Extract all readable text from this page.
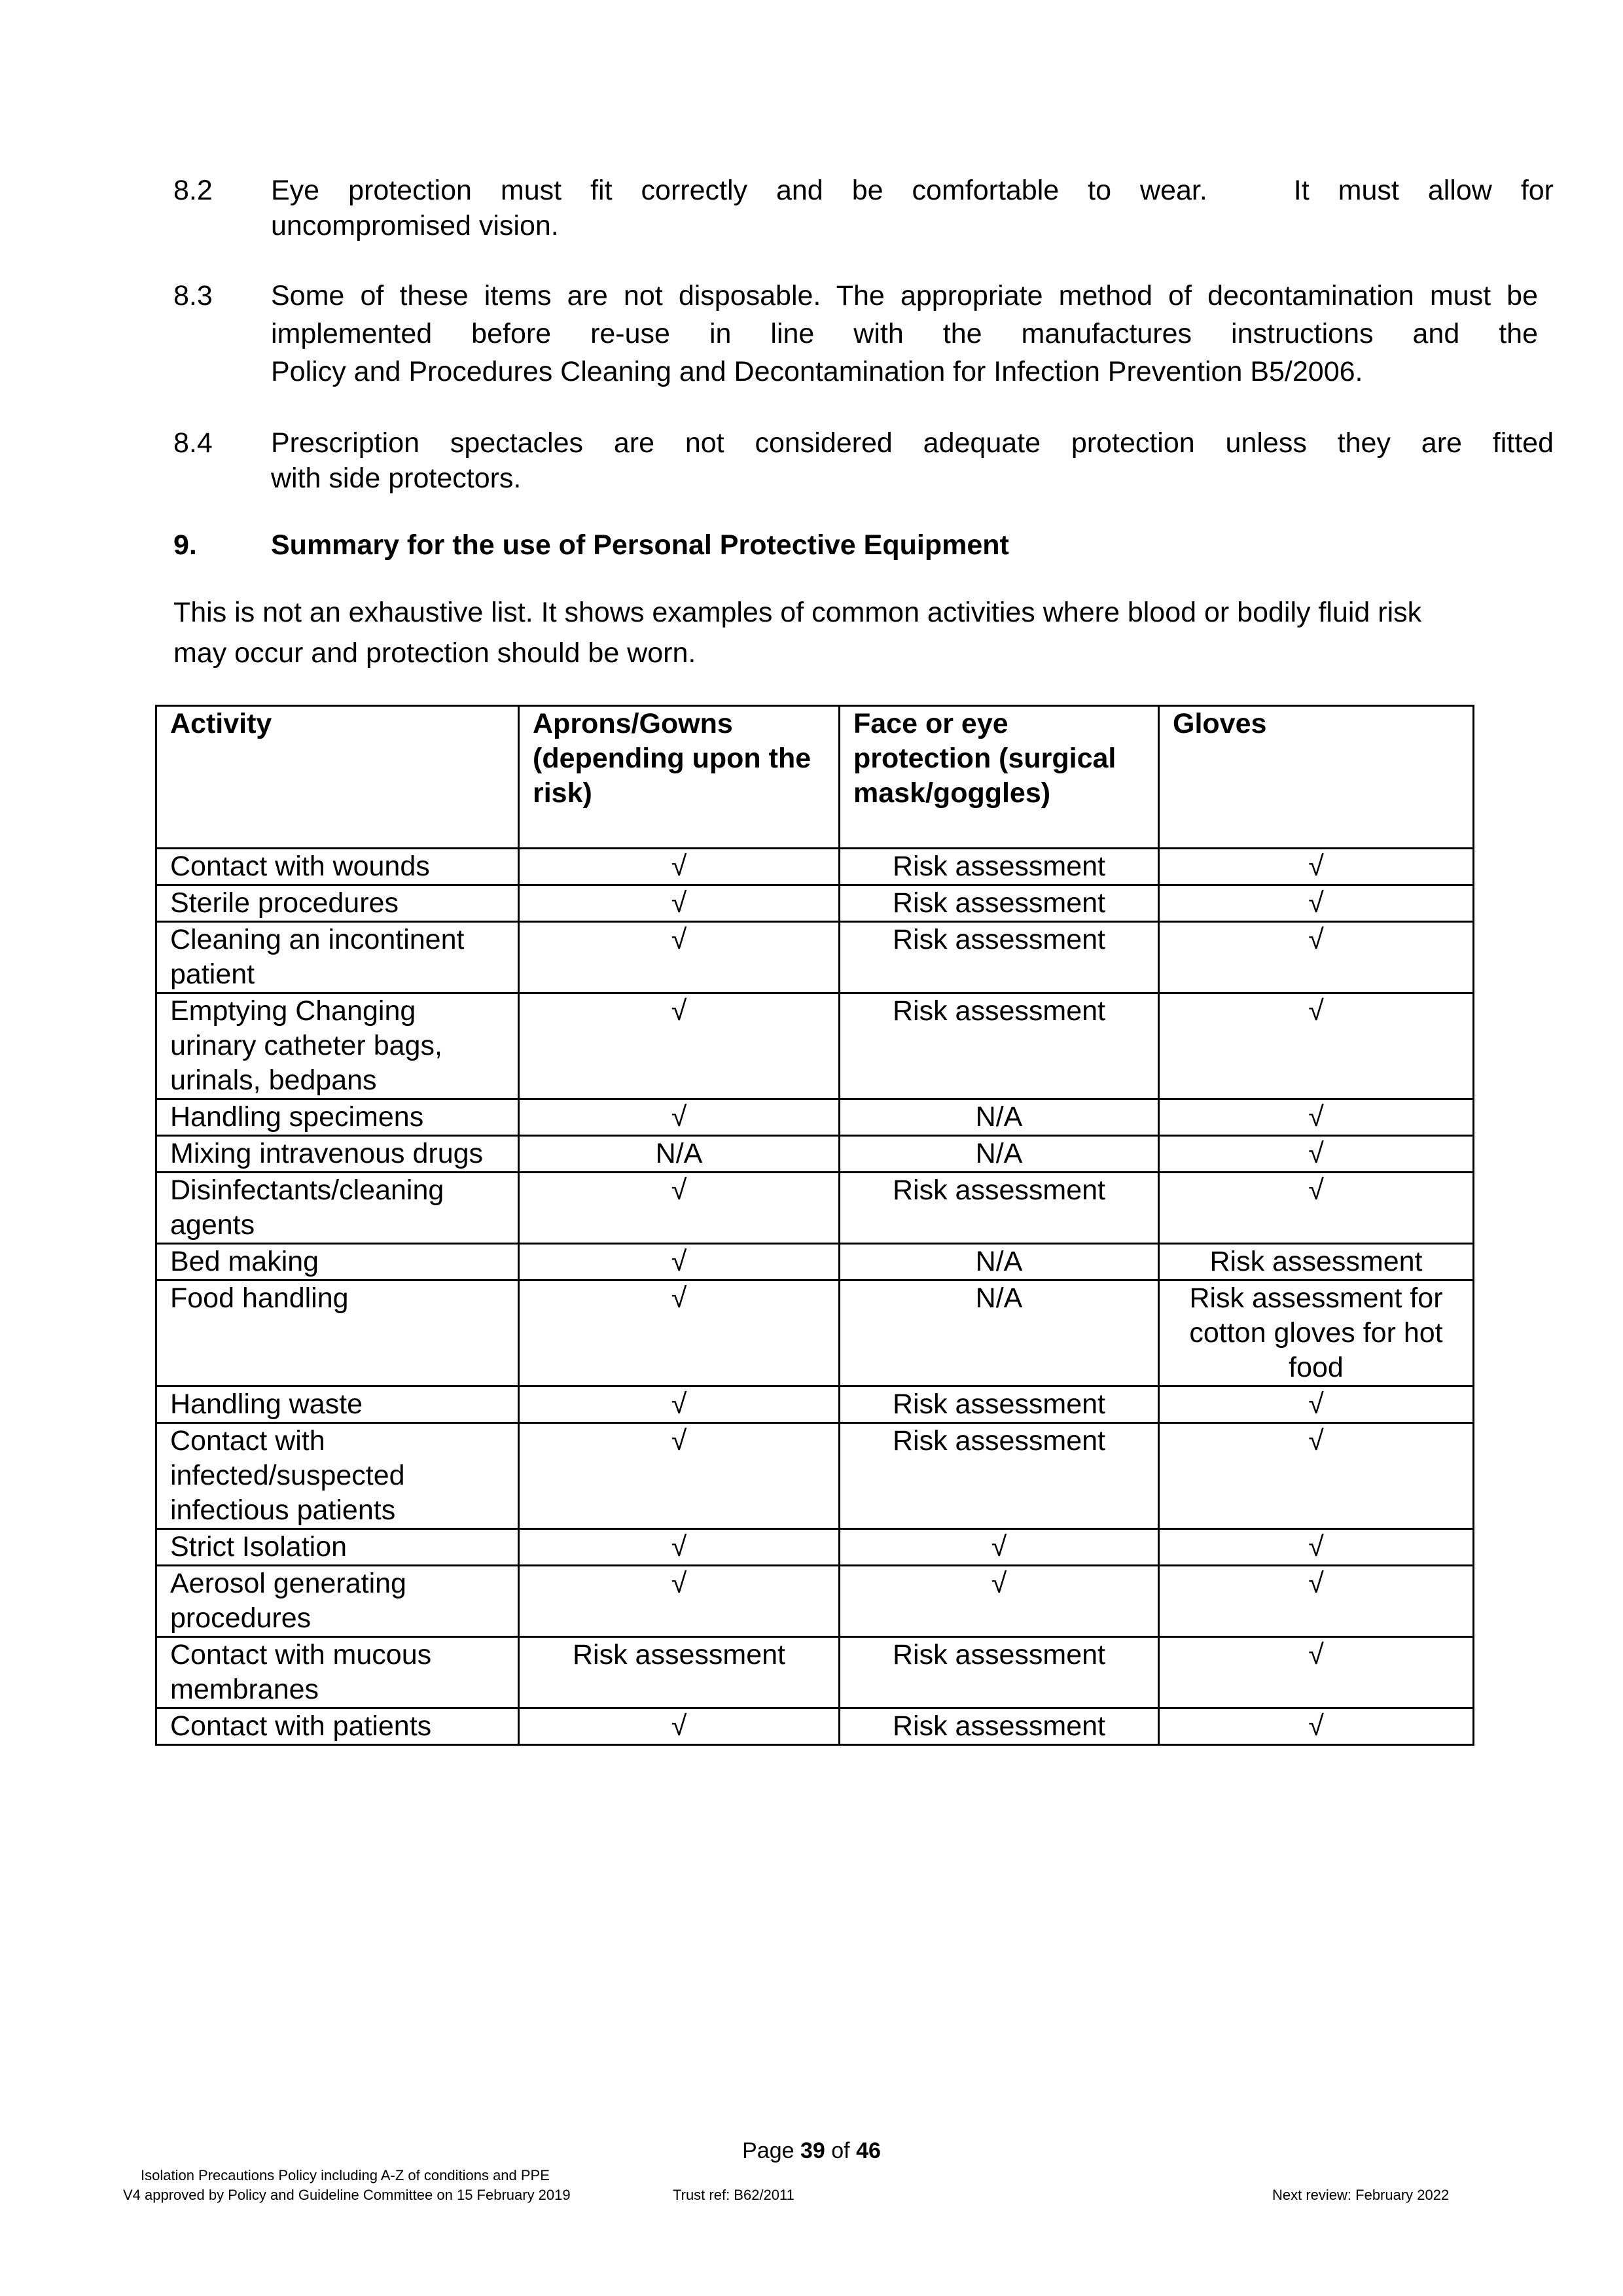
8.2 Eye protection must fit correctly and be comfortable to wear.   It must allow for
uncompromised vision.
8.3 Some of these items are not disposable. The appropriate method of decontamination must be implemented before re-use in line with the manufactures instructions and the
Policy and Procedures Cleaning and Decontamination for Infection Prevention B5/2006.
8.4 Prescription spectacles are not considered adequate protection unless they are fitted
with side protectors.
9.	Summary for the use of Personal Protective Equipment
This is not an exhaustive list. It shows examples of common activities where blood or bodily fluid risk may occur and protection should be worn.
Activity	Aprons/Gowns (depending upon the risk)	Face or eye protection (surgical mask/goggles)	Gloves
Contact with wounds	√	Risk assessment	√
Sterile procedures	√	Risk assessment	√
Cleaning an incontinent patient	√	Risk assessment	√
Emptying Changing urinary catheter bags, urinals, bedpans	√	Risk assessment	√
Handling specimens	√	N/A	√
Mixing intravenous drugs	N/A	N/A	√
Disinfectants/cleaning agents	√	Risk assessment	√
Bed making	√	N/A	Risk assessment
Food handling	√	N/A	Risk assessment for cotton gloves for hot food
Handling waste	√	Risk assessment	√
Contact with infected/suspected infectious patients	√	Risk assessment	√
Strict Isolation	√	√	√
Aerosol generating procedures	√	√	√
Contact with mucous membranes	Risk assessment	Risk assessment	√
Contact with patients	√	Risk assessment	√
Page 39 of 46
Isolation Precautions Policy including A-Z of conditions and PPE
V4 approved by Policy and Guideline Committee on 15 February 2019	Trust ref: B62/2011	Next review: February 2022
